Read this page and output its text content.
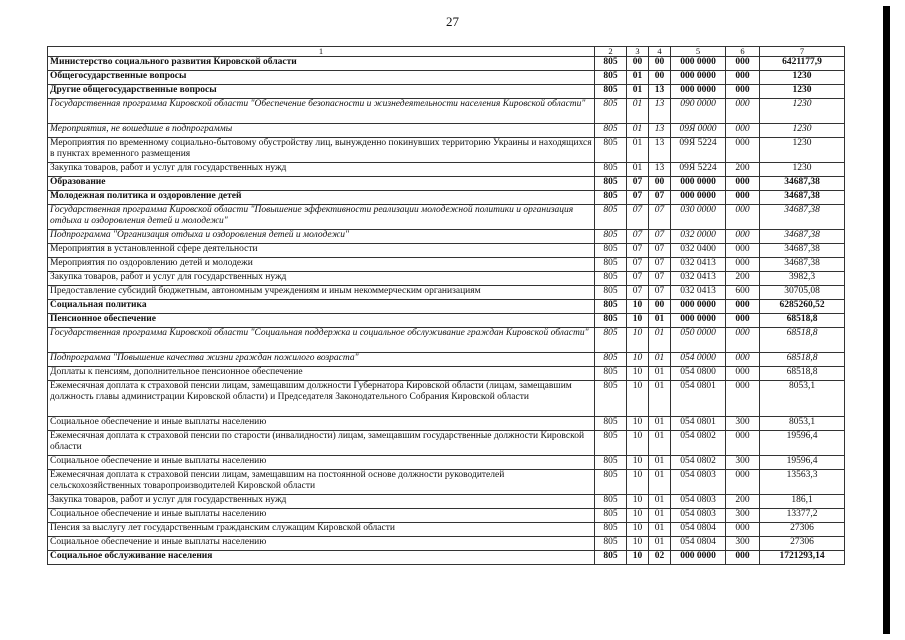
27
1	2	3	4	5	6	7
Министерство социального развития Кировской области	805	00	00	000 0000	000	6421177,9
Общегосударственные вопросы	805	01	00	000 0000	000	1230
Другие общегосударственные вопросы	805	01	13	000 0000	000	1230
Государственная программа Кировской области "Обеспечение безопасности и жизнедеятельности населения Кировской области"	805	01	13	090 0000	000	1230
Мероприятия, не вошедшие в подпрограммы	805	01	13	09Я 0000	000	1230
Мероприятия по временному социально-бытовому обустройству лиц, вынужденно покинувших территорию Украины и находящихся в пунктах временного размещения	805	01	13	09Я 5224	000	1230
Закупка товаров, работ и услуг для государственных нужд	805	01	13	09Я 5224	200	1230
Образование	805	07	00	000 0000	000	34687,38
Молодежная политика и оздоровление детей	805	07	07	000 0000	000	34687,38
Государственная программа Кировской области "Повышение эффективности реализации молодежной политики и организация отдыха и оздоровления детей и молодежи"	805	07	07	030 0000	000	34687,38
Подпрограмма "Организация отдыха и оздоровления детей и молодежи"	805	07	07	032 0000	000	34687,38
Мероприятия в установленной сфере деятельности	805	07	07	032 0400	000	34687,38
Мероприятия по оздоровлению детей и молодежи	805	07	07	032 0413	000	34687,38
Закупка товаров, работ и услуг для государственных нужд	805	07	07	032 0413	200	3982,3
Предоставление субсидий бюджетным, автономным учреждениям и иным некоммерческим организациям	805	07	07	032 0413	600	30705,08
Социальная политика	805	10	00	000 0000	000	6285260,52
Пенсионное обеспечение	805	10	01	000 0000	000	68518,8
Государственная программа Кировской области "Социальная поддержка и социальное обслуживание граждан Кировской области"	805	10	01	050 0000	000	68518,8
Подпрограмма "Повышение качества жизни граждан пожилого возраста"	805	10	01	054 0000	000	68518,8
Доплаты к пенсиям, дополнительное пенсионное обеспечение	805	10	01	054 0800	000	68518,8
Ежемесячная доплата к страховой пенсии лицам, замещавшим должности Губернатора Кировской области (лицам, замещавшим должность главы администрации Кировской области) и Председателя Законодательного Собрания Кировской области	805	10	01	054 0801	000	8053,1
Социальное обеспечение и иные выплаты населению	805	10	01	054 0801	300	8053,1
Ежемесячная доплата к страховой пенсии по старости (инвалидности) лицам, замещавшим государственные должности Кировской области	805	10	01	054 0802	000	19596,4
Социальное обеспечение и иные выплаты населению	805	10	01	054 0802	300	19596,4
Ежемесячная доплата к страховой пенсии лицам, замещавшим на постоянной основе должности руководителей сельскохозяйственных товаропроизводителей Кировской области	805	10	01	054 0803	000	13563,3
Закупка товаров, работ и услуг для государственных нужд	805	10	01	054 0803	200	186,1
Социальное обеспечение и иные выплаты населению	805	10	01	054 0803	300	13377,2
Пенсия за выслугу лет государственным гражданским служащим Кировской области	805	10	01	054 0804	000	27306
Социальное обеспечение и иные выплаты населению	805	10	01	054 0804	300	27306
Социальное обслуживание населения	805	10	02	000 0000	000	1721293,14
